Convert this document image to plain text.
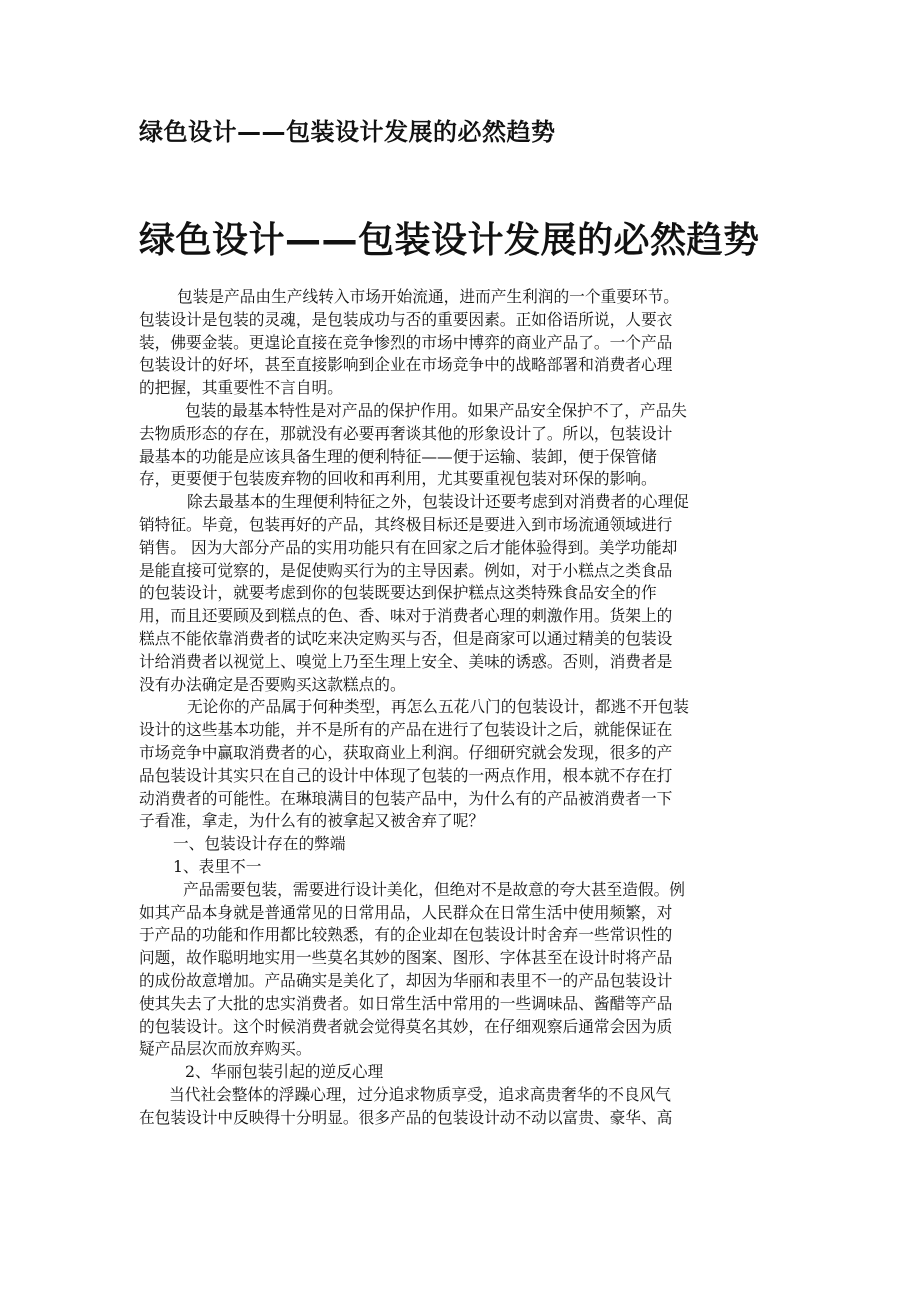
绿色设计——包装设计发展的必然趋势
绿色设计——包装设计发展的必然趋势
包装是产品由生产线转入市场开始流通，进而产生利润的一个重要环节。
包装设计是包装的灵魂，是包装成功与否的重要因素。正如俗语所说，人要衣
装，佛要金装。更遑论直接在竞争惨烈的市场中博弈的商业产品了。一个产品
包装设计的好坏，甚至直接影响到企业在市场竞争中的战略部署和消费者心理
的把握，其重要性不言自明。
包装的最基本特性是对产品的保护作用。如果产品安全保护不了，产品失
去物质形态的存在，那就没有必要再奢谈其他的形象设计了。所以，包装设计
最基本的功能是应该具备生理的便利特征——便于运输、装卸，便于保管储
存，更要便于包装废弃物的回收和再利用，尤其要重视包装对环保的影响。
除去最基本的生理便利特征之外，包装设计还要考虑到对消费者的心理促
销特征。毕竟，包装再好的产品，其终极目标还是要进入到市场流通领域进行
销售。 因为大部分产品的实用功能只有在回家之后才能体验得到。美学功能却
是能直接可觉察的，是促使购买行为的主导因素。例如，对于小糕点之类食品
的包装设计，就要考虑到你的包装既要达到保护糕点这类特殊食品安全的作
用，而且还要顾及到糕点的色、香、味对于消费者心理的刺激作用。货架上的
糕点不能依靠消费者的试吃来决定购买与否，但是商家可以通过精美的包装设
计给消费者以视觉上、嗅觉上乃至生理上安全、美味的诱惑。否则，消费者是
没有办法确定是否要购买这款糕点的。
无论你的产品属于何种类型，再怎么五花八门的包装设计，都逃不开包装
设计的这些基本功能，并不是所有的产品在进行了包装设计之后，就能保证在
市场竞争中赢取消费者的心，获取商业上利润。仔细研究就会发现，很多的产
品包装设计其实只在自己的设计中体现了包装的一两点作用，根本就不存在打
动消费者的可能性。在琳琅满目的包装产品中，为什么有的产品被消费者一下
子看准，拿走，为什么有的被拿起又被舍弃了呢？
一、包装设计存在的弊端
1、表里不一
产品需要包装，需要进行设计美化，但绝对不是故意的夸大甚至造假。例
如其产品本身就是普通常见的日常用品，人民群众在日常生活中使用频繁，对
于产品的功能和作用都比较熟悉，有的企业却在包装设计时舍弃一些常识性的
问题，故作聪明地实用一些莫名其妙的图案、图形、字体甚至在设计时将产品
的成份故意增加。产品确实是美化了，却因为华丽和表里不一的产品包装设计
使其失去了大批的忠实消费者。如日常生活中常用的一些调味品、酱醋等产品
的包装设计。这个时候消费者就会觉得莫名其妙，在仔细观察后通常会因为质
疑产品层次而放弃购买。
2、华丽包装引起的逆反心理
当代社会整体的浮躁心理，过分追求物质享受，追求高贵奢华的不良风气
在包装设计中反映得十分明显。很多产品的包装设计动不动以富贵、豪华、高
